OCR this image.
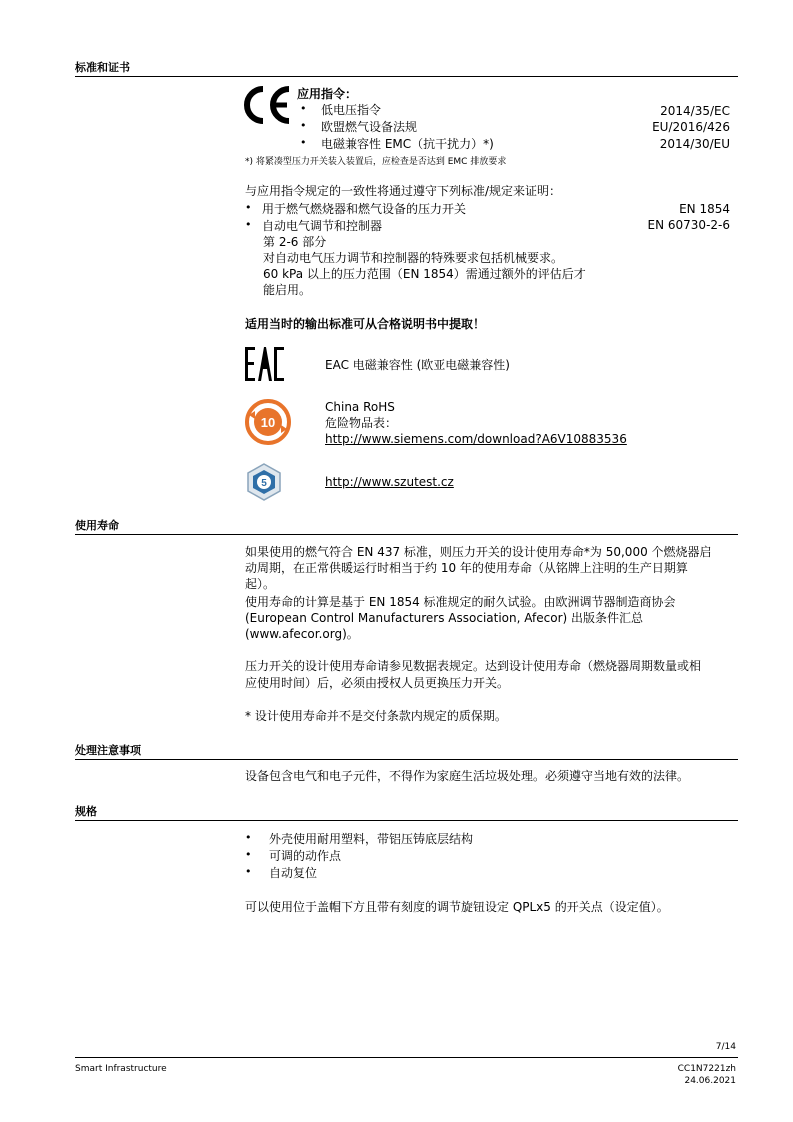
标准和证书
应用指令：
• 低电压指令	2014/35/EC
• 欧盟燃气设备法规	EU/2016/426
• 电磁兼容性 EMC（抗干扰力）*)	2014/30/EU
*) 将紧凑型压力开关装入装置后，应检查是否达到 EMC 排放要求
与应用指令规定的一致性将通过遵守下列标准/规定来证明：
• 用于燃气燃烧器和燃气设备的压力开关	EN 1854
• 自动电气调节和控制器	EN 60730-2-6
第 2-6 部分
对自动电气压力调节和控制器的特殊要求包括机械要求。
60 kPa 以上的压力范围（EN 1854）需通过额外的评估后才
能启用。
适用当时的输出标准可从合格说明书中提取！
EAC 电磁兼容性 (欧亚电磁兼容性)
10
China RoHS
危险物品表：
http://www.siemens.com/download?A6V10883536
5	http://www.szutest.cz
使用寿命
如果使用的燃气符合 EN 437 标准，则压力开关的设计使用寿命*为 50,000 个燃烧器启
动周期，在正常供暖运行时相当于约 10 年的使用寿命（从铭牌上注明的生产日期算
起）。
使用寿命的计算是基于 EN 1854 标准规定的耐久试验。由欧洲调节器制造商协会
(European Control Manufacturers Association, Afecor) 出版条件汇总
(www.afecor.org)。
压力开关的设计使用寿命请参见数据表规定。达到设计使用寿命（燃烧器周期数量或相
应使用时间）后，必须由授权人员更换压力开关。
* 设计使用寿命并不是交付条款内规定的质保期。
处理注意事项
设备包含电气和电子元件，不得作为家庭生活垃圾处理。必须遵守当地有效的法律。
规格
• 外壳使用耐用塑料，带铝压铸底层结构
• 可调的动作点
• 自动复位
可以使用位于盖帽下方且带有刻度的调节旋钮设定 QPLx5 的开关点（设定值）。
7/14
Smart Infrastructure	CC1N7221zh
24.06.2021
